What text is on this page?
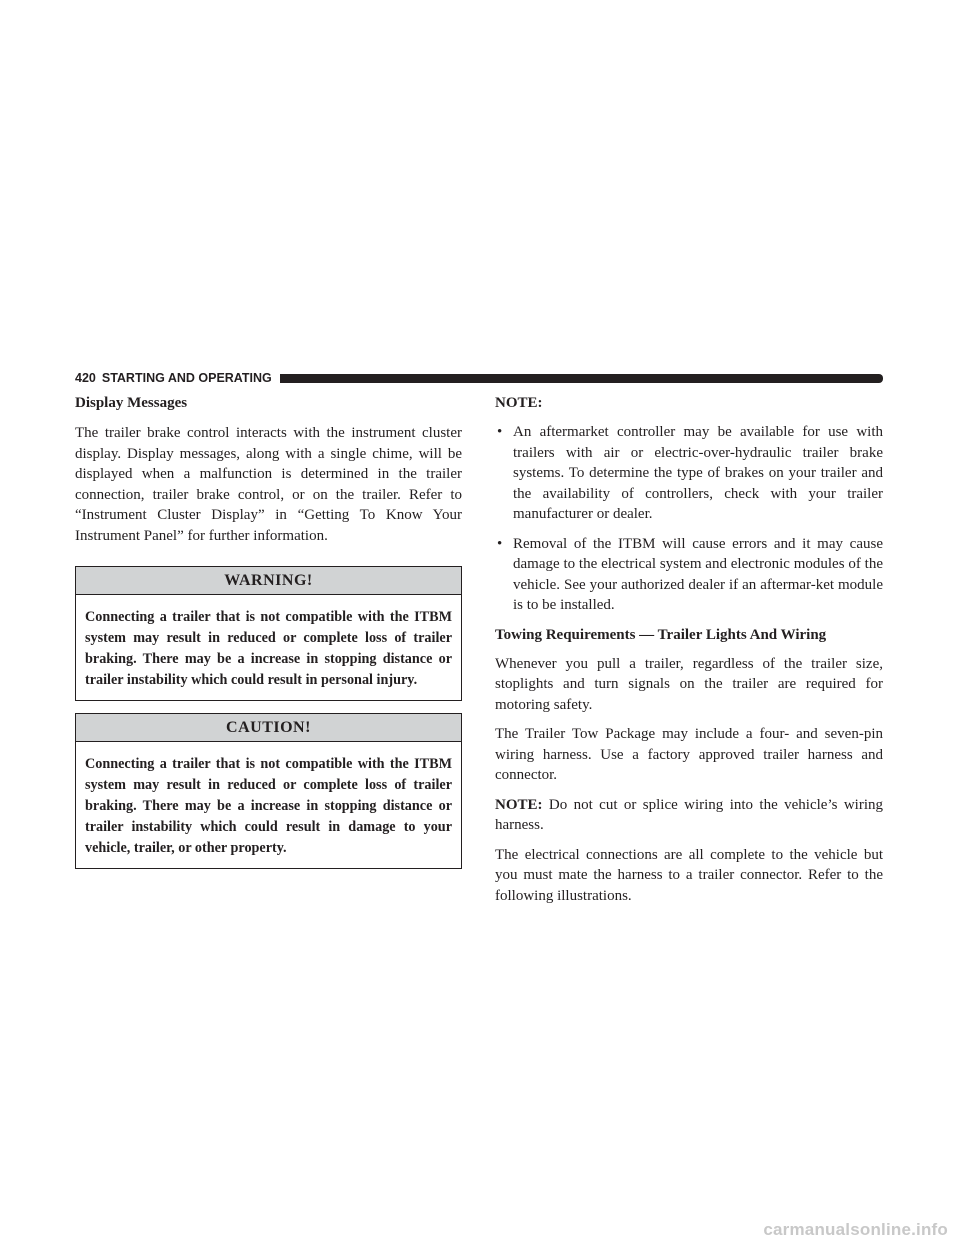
420 STARTING AND OPERATING
Display Messages

The trailer brake control interacts with the instrument cluster display. Display messages, along with a single chime, will be displayed when a malfunction is determined in the trailer connection, trailer brake control, or on the trailer. Refer to “Instrument Cluster Display” in “Getting To Know Your Instrument Panel” for further information.

WARNING!
Connecting a trailer that is not compatible with the ITBM system may result in reduced or complete loss of trailer braking. There may be a increase in stopping distance or trailer instability which could result in personal injury.
CAUTION!
Connecting a trailer that is not compatible with the ITBM system may result in reduced or complete loss of trailer braking. There may be a increase in stopping distance or trailer instability which could result in damage to your vehicle, trailer, or other property.
NOTE:
• An aftermarket controller may be available for use with trailers with air or electric-over-hydraulic trailer brake systems. To determine the type of brakes on your trailer and the availability of controllers, check with your trailer manufacturer or dealer.
• Removal of the ITBM will cause errors and it may cause damage to the electrical system and electronic modules of the vehicle. See your authorized dealer if an aftermar-ket module is to be installed.
Towing Requirements — Trailer Lights And Wiring

Whenever you pull a trailer, regardless of the trailer size, stoplights and turn signals on the trailer are required for motoring safety.

The Trailer Tow Package may include a four- and seven-pin wiring harness. Use a factory approved trailer harness and connector.

NOTE: Do not cut or splice wiring into the vehicle’s wiring harness.

The electrical connections are all complete to the vehicle but you must mate the harness to a trailer connector. Refer to the following illustrations.

carmanualsonline.info
